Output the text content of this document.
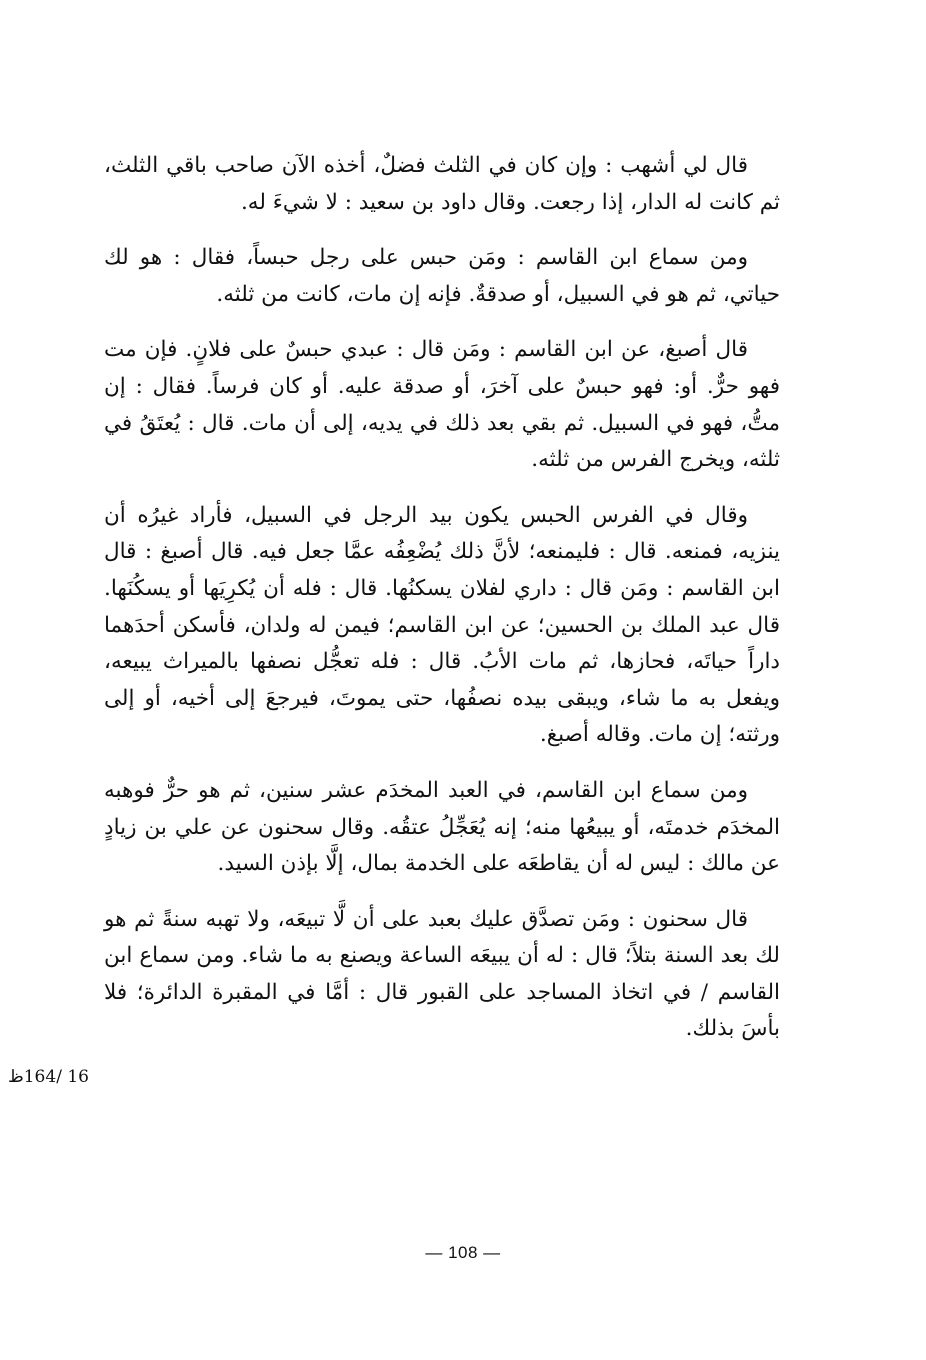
قال لي أشهب : وإن كان في الثلث فضلٌ، أخذه الآن صاحب باقي الثلث، ثم كانت له الدار، إذا رجعت. وقال داود بن سعيد : لا شيءَ له.

ومن سماع ابن القاسم : ومَن حبس على رجل حبساً، فقال : هو لك حياتي، ثم هو في السبيل، أو صدقةٌ. فإنه إن مات، كانت من ثلثه.

قال أصبغ، عن ابن القاسم : ومَن قال : عبدي حبسٌ على فلانٍ. فإن مت فهو حرٌّ. أو: فهو حبسٌ على آخرَ، أو صدقة عليه. أو كان فرساً. فقال : إن متُّ، فهو في السبيل. ثم بقي بعد ذلك في يديه، إلى أن مات. قال : يُعتَقُ في ثلثه، ويخرج الفرس من ثلثه.

وقال في الفرس الحبس يكون بيد الرجل في السبيل، فأراد غيرُه أن ينزيه، فمنعه. قال : فليمنعه؛ لأنَّ ذلك يُضْعِفُه عمَّا جعل فيه. قال أصبغ : قال ابن القاسم : ومَن قال : داري لفلان يسكنُها. قال : فله أن يُكرِيَها أو يسكُنَها. قال عبد الملك بن الحسين؛ عن ابن القاسم؛ فيمن له ولدان، فأسكن أحدَهما داراً حياتَه، فحازها، ثم مات الأبُ. قال : فله تعجُّل نصفها بالميراث يبيعه، ويفعل به ما شاء، ويبقى بيده نصفُها، حتى يموتَ، فيرجعَ إلى أخيه، أو إلى ورثته؛ إن مات. وقاله أصبغ.

ومن سماع ابن القاسم، في العبد المخدَم عشر سنين، ثم هو حرٌّ فوهبه المخدَم خدمتَه، أو يبيعُها منه؛ إنه يُعَجِّلُ عتقُه. وقال سحنون عن علي بن زيادٍ عن مالك : ليس له أن يقاطعَه على الخدمة بمال، إلَّا بإذن السيد.

قال سحنون : ومَن تصدَّق عليك بعبد على أن لَّا تبيعَه، ولا تهبه سنةً ثم هو لك بعد السنة بتلاً؛ قال : له أن يبيعَه الساعة ويصنع به ما شاء. ومن سماع ابن القاسم / في اتخاذ المساجد على القبور قال : أمَّا في المقبرة الدائرة؛ فلا بأسَ بذلك.

16 /164ظ
— 108 —
